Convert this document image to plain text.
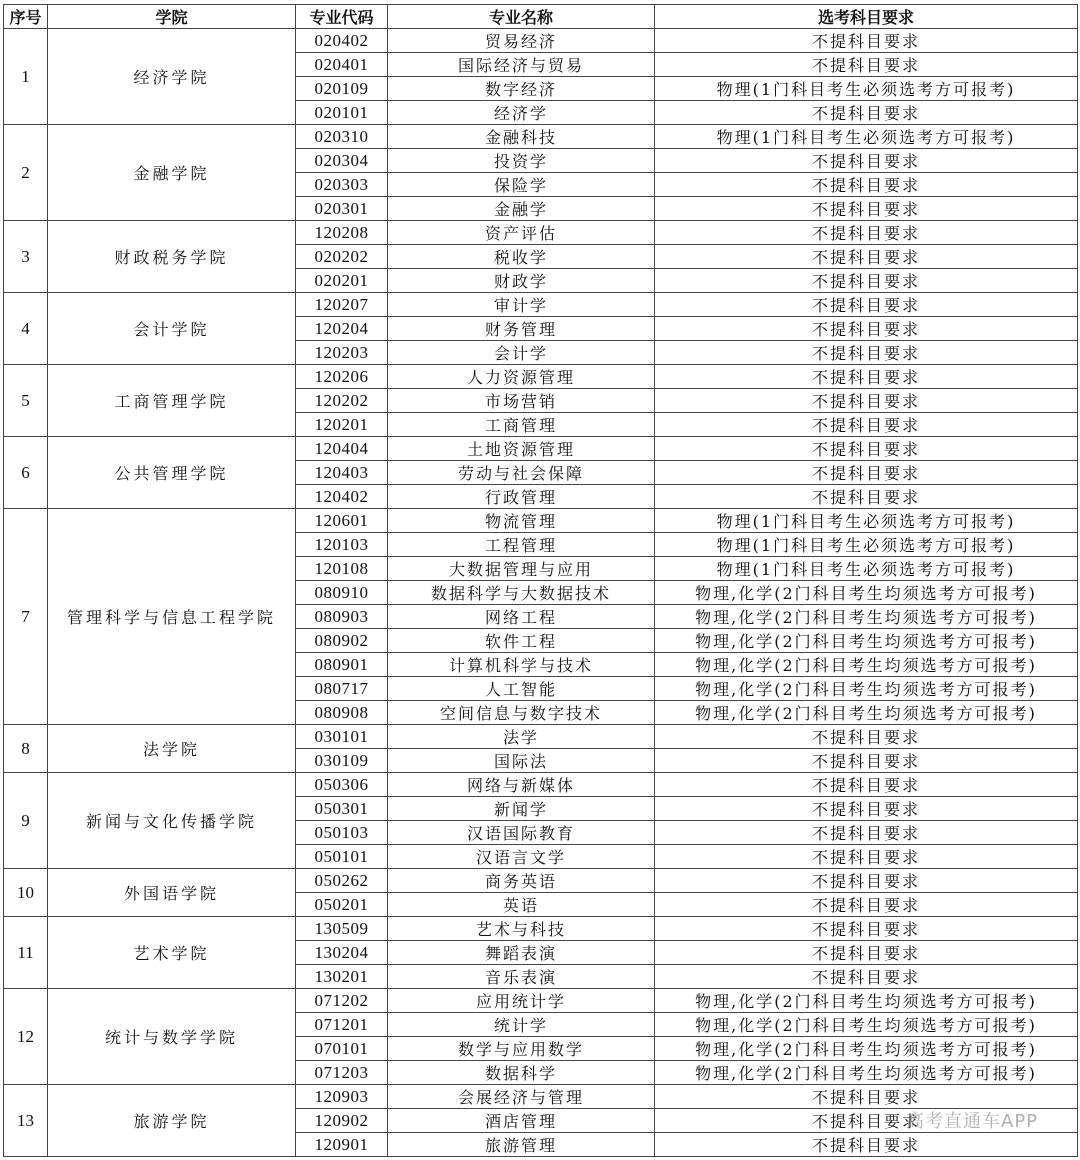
序号	学院	专业代码	专业名称	选考科目要求
1	经济学院	020402	贸易经济	不提科目要求
		020401	国际经济与贸易	不提科目要求
		020109	数字经济	物理(1门科目考生必须选考方可报考)
		020101	经济学	不提科目要求
2	金融学院	020310	金融科技	物理(1门科目考生必须选考方可报考)
		020304	投资学	不提科目要求
		020303	保险学	不提科目要求
		020301	金融学	不提科目要求
3	财政税务学院	120208	资产评估	不提科目要求
		020202	税收学	不提科目要求
		020201	财政学	不提科目要求
4	会计学院	120207	审计学	不提科目要求
		120204	财务管理	不提科目要求
		120203	会计学	不提科目要求
5	工商管理学院	120206	人力资源管理	不提科目要求
		120202	市场营销	不提科目要求
		120201	工商管理	不提科目要求
6	公共管理学院	120404	土地资源管理	不提科目要求
		120403	劳动与社会保障	不提科目要求
		120402	行政管理	不提科目要求
7	管理科学与信息工程学院	120601	物流管理	物理(1门科目考生必须选考方可报考)
		120103	工程管理	物理(1门科目考生必须选考方可报考)
		120108	大数据管理与应用	物理(1门科目考生必须选考方可报考)
		080910	数据科学与大数据技术	物理,化学(2门科目考生均须选考方可报考)
		080903	网络工程	物理,化学(2门科目考生均须选考方可报考)
		080902	软件工程	物理,化学(2门科目考生均须选考方可报考)
		080901	计算机科学与技术	物理,化学(2门科目考生均须选考方可报考)
		080717	人工智能	物理,化学(2门科目考生均须选考方可报考)
		080908	空间信息与数字技术	物理,化学(2门科目考生均须选考方可报考)
8	法学院	030101	法学	不提科目要求
		030109	国际法	不提科目要求
9	新闻与文化传播学院	050306	网络与新媒体	不提科目要求
		050301	新闻学	不提科目要求
		050103	汉语国际教育	不提科目要求
		050101	汉语言文学	不提科目要求
10	外国语学院	050262	商务英语	不提科目要求
		050201	英语	不提科目要求
11	艺术学院	130509	艺术与科技	不提科目要求
		130204	舞蹈表演	不提科目要求
		130201	音乐表演	不提科目要求
12	统计与数学学院	071202	应用统计学	物理,化学(2门科目考生均须选考方可报考)
		071201	统计学	物理,化学(2门科目考生均须选考方可报考)
		070101	数学与应用数学	物理,化学(2门科目考生均须选考方可报考)
		071203	数据科学	物理,化学(2门科目考生均须选考方可报考)
13	旅游学院	120903	会展经济与管理	不提科目要求
		120902	酒店管理	不提科目要求
		120901	旅游管理	不提科目要求
高考直通车APP
